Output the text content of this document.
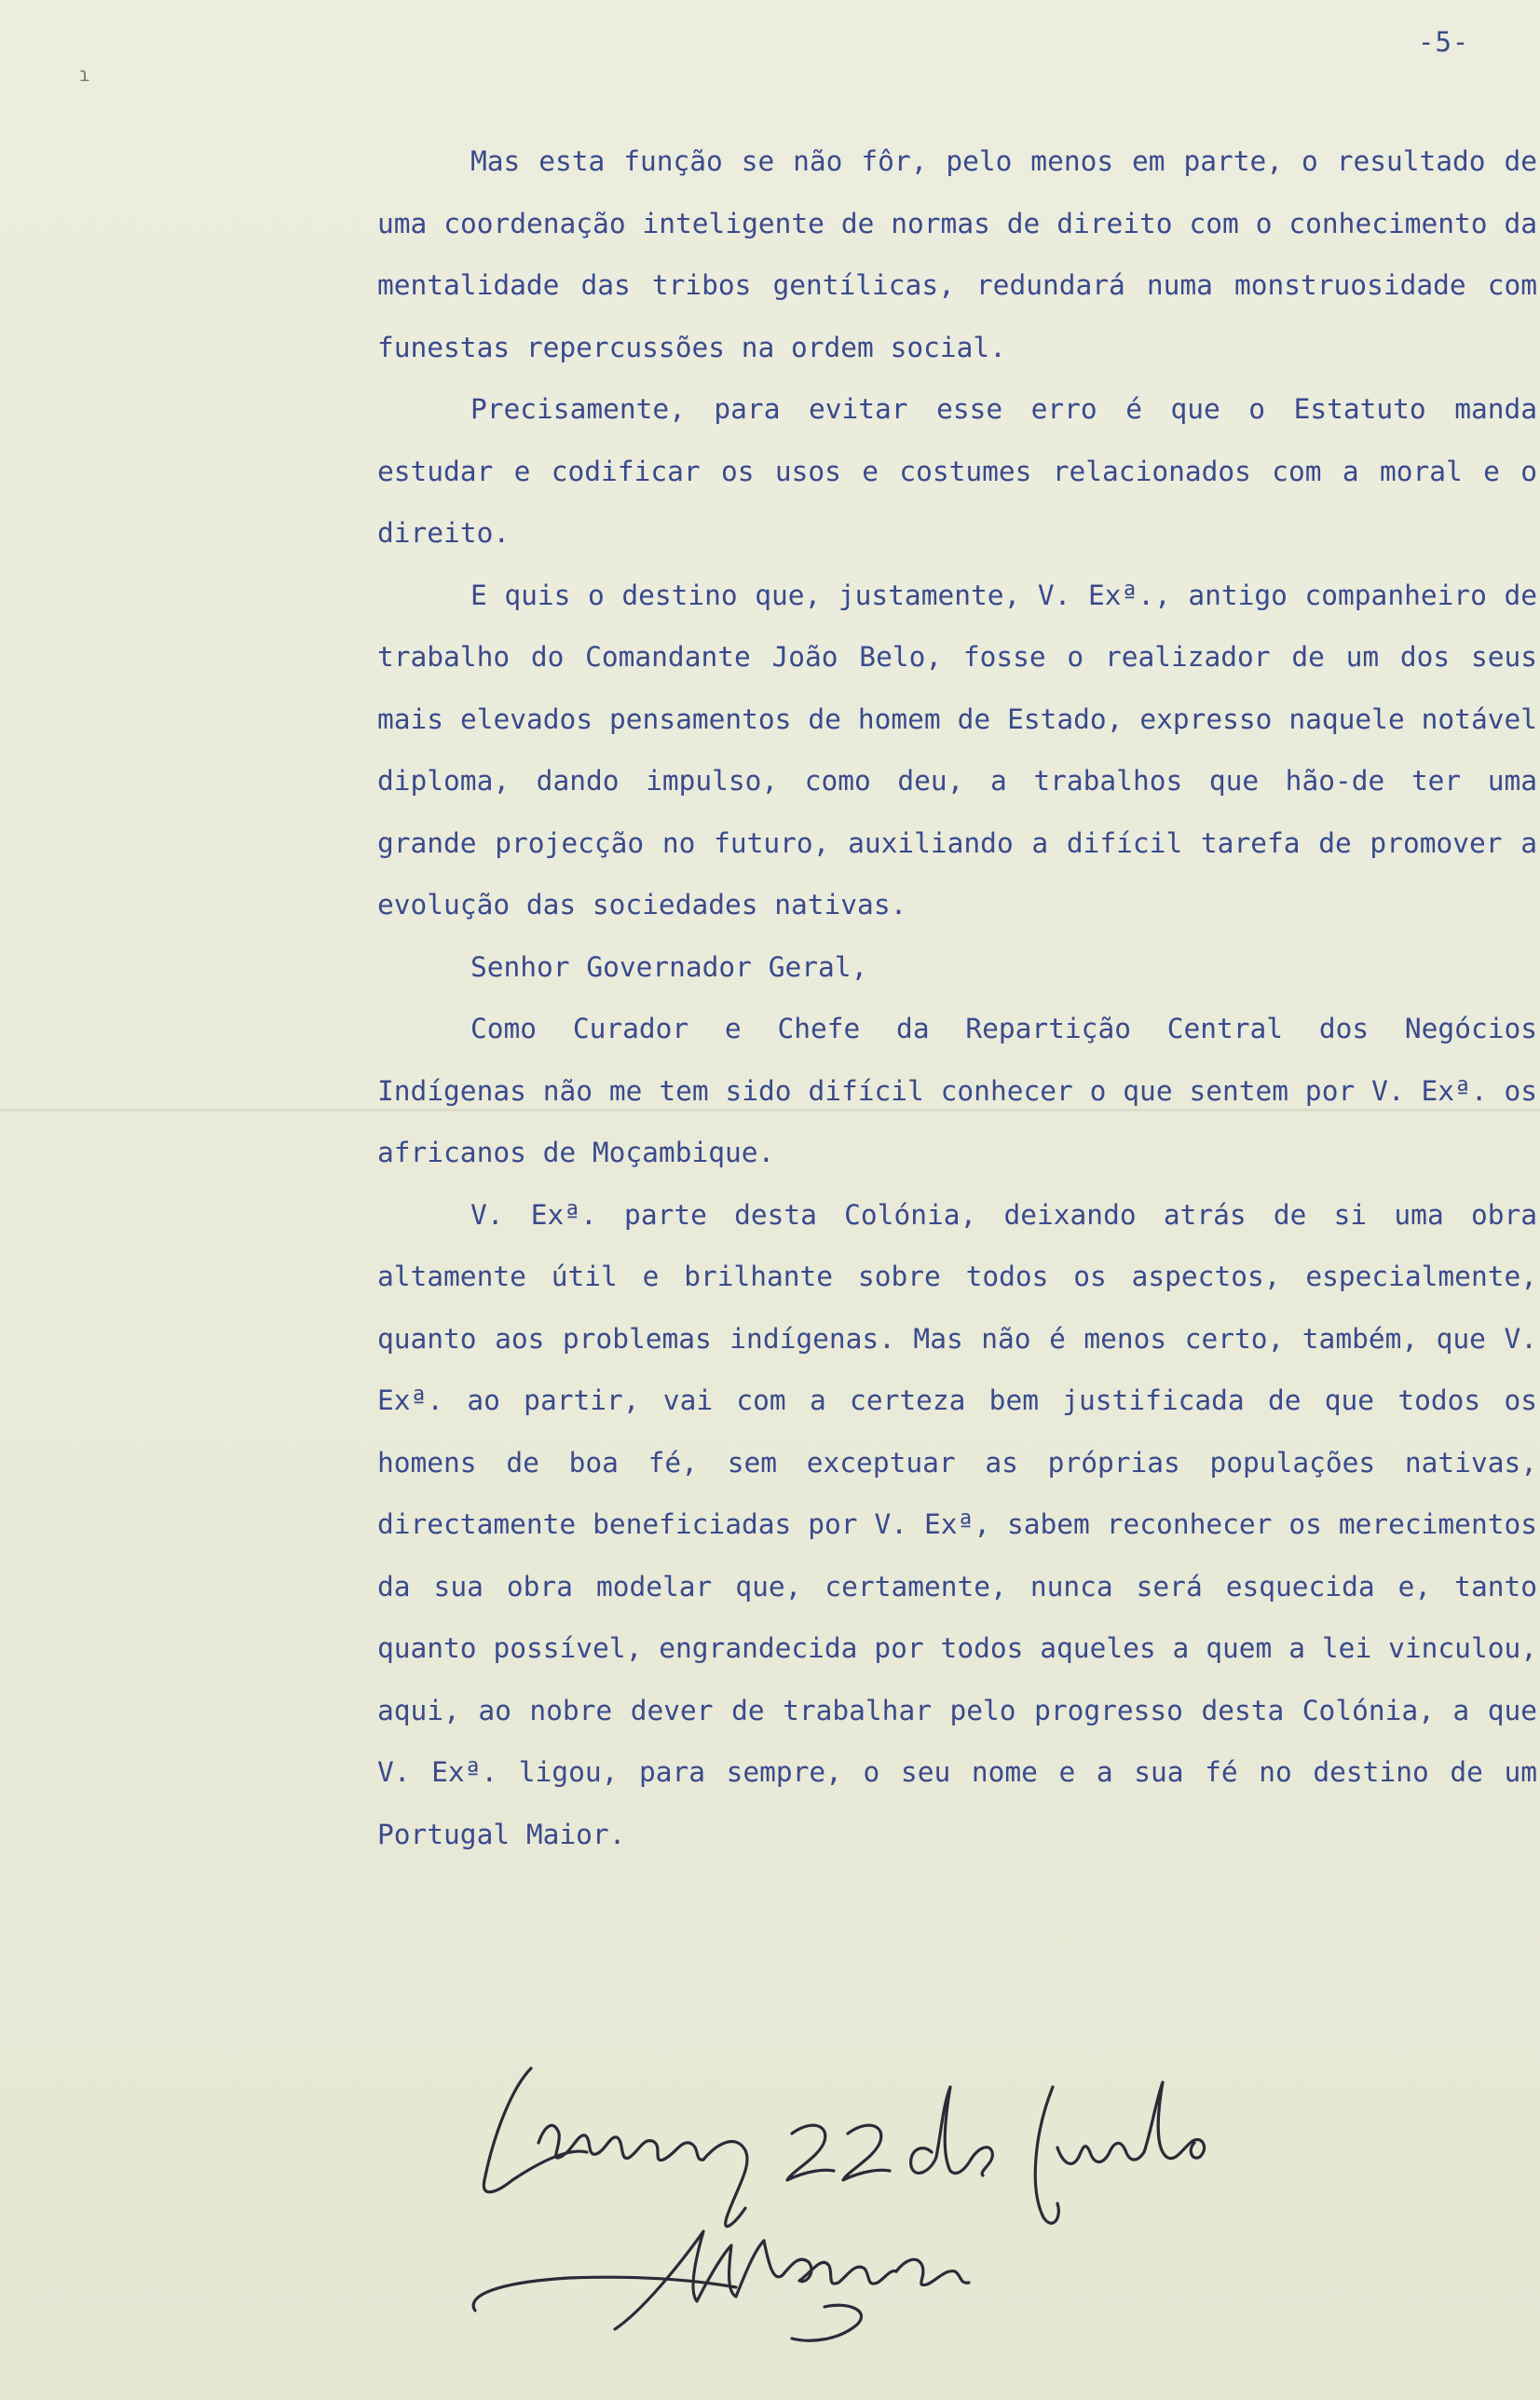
ɿ
-5-

Mas esta função se não fôr, pelo menos em parte, o resultado de uma coordenação inteligente de normas de direito com o conhecimento da mentalidade das tribos gentílicas, redundará numa monstruosidade com funestas repercussões na ordem social.

Precisamente, para evitar esse erro é que o Estatuto manda estudar e codificar os usos e costumes relacionados com a moral e o direito.

E quis o destino que, justamente, V. Exª., antigo companheiro de trabalho do Comandante João Belo, fosse o realizador de um dos seus mais elevados pensamentos de homem de Estado, expresso naquele notável diploma, dando impulso, como deu, a trabalhos que hão-de ter uma grande projecção no futuro, auxiliando a difícil tarefa de promover a evolução das sociedades nativas.

Senhor Governador Geral,

Como Curador e Chefe da Repartição Central dos Negócios Indígenas não me tem sido difícil conhecer o que sentem por V. Exª. os africanos de Moçambique.

V. Exª. parte desta Colónia, deixando atrás de si uma obra altamente útil e brilhante sobre todos os aspectos, especialmente, quanto aos problemas indígenas. Mas não é menos certo, também, que V. Exª. ao partir, vai com a certeza bem justificada de que todos os homens de boa fé, sem exceptuar as próprias populações nativas, directamente beneficiadas por V. Exª, sabem reconhecer os merecimentos da sua obra modelar que, certamente, nunca será esquecida e, tanto quanto possível, engrandecida por todos aqueles a quem a lei vinculou, aqui, ao nobre dever de trabalhar pelo progresso desta Colónia, a que V. Exª. ligou, para sempre, o seu nome e a sua fé no destino de um Portugal Maior.
